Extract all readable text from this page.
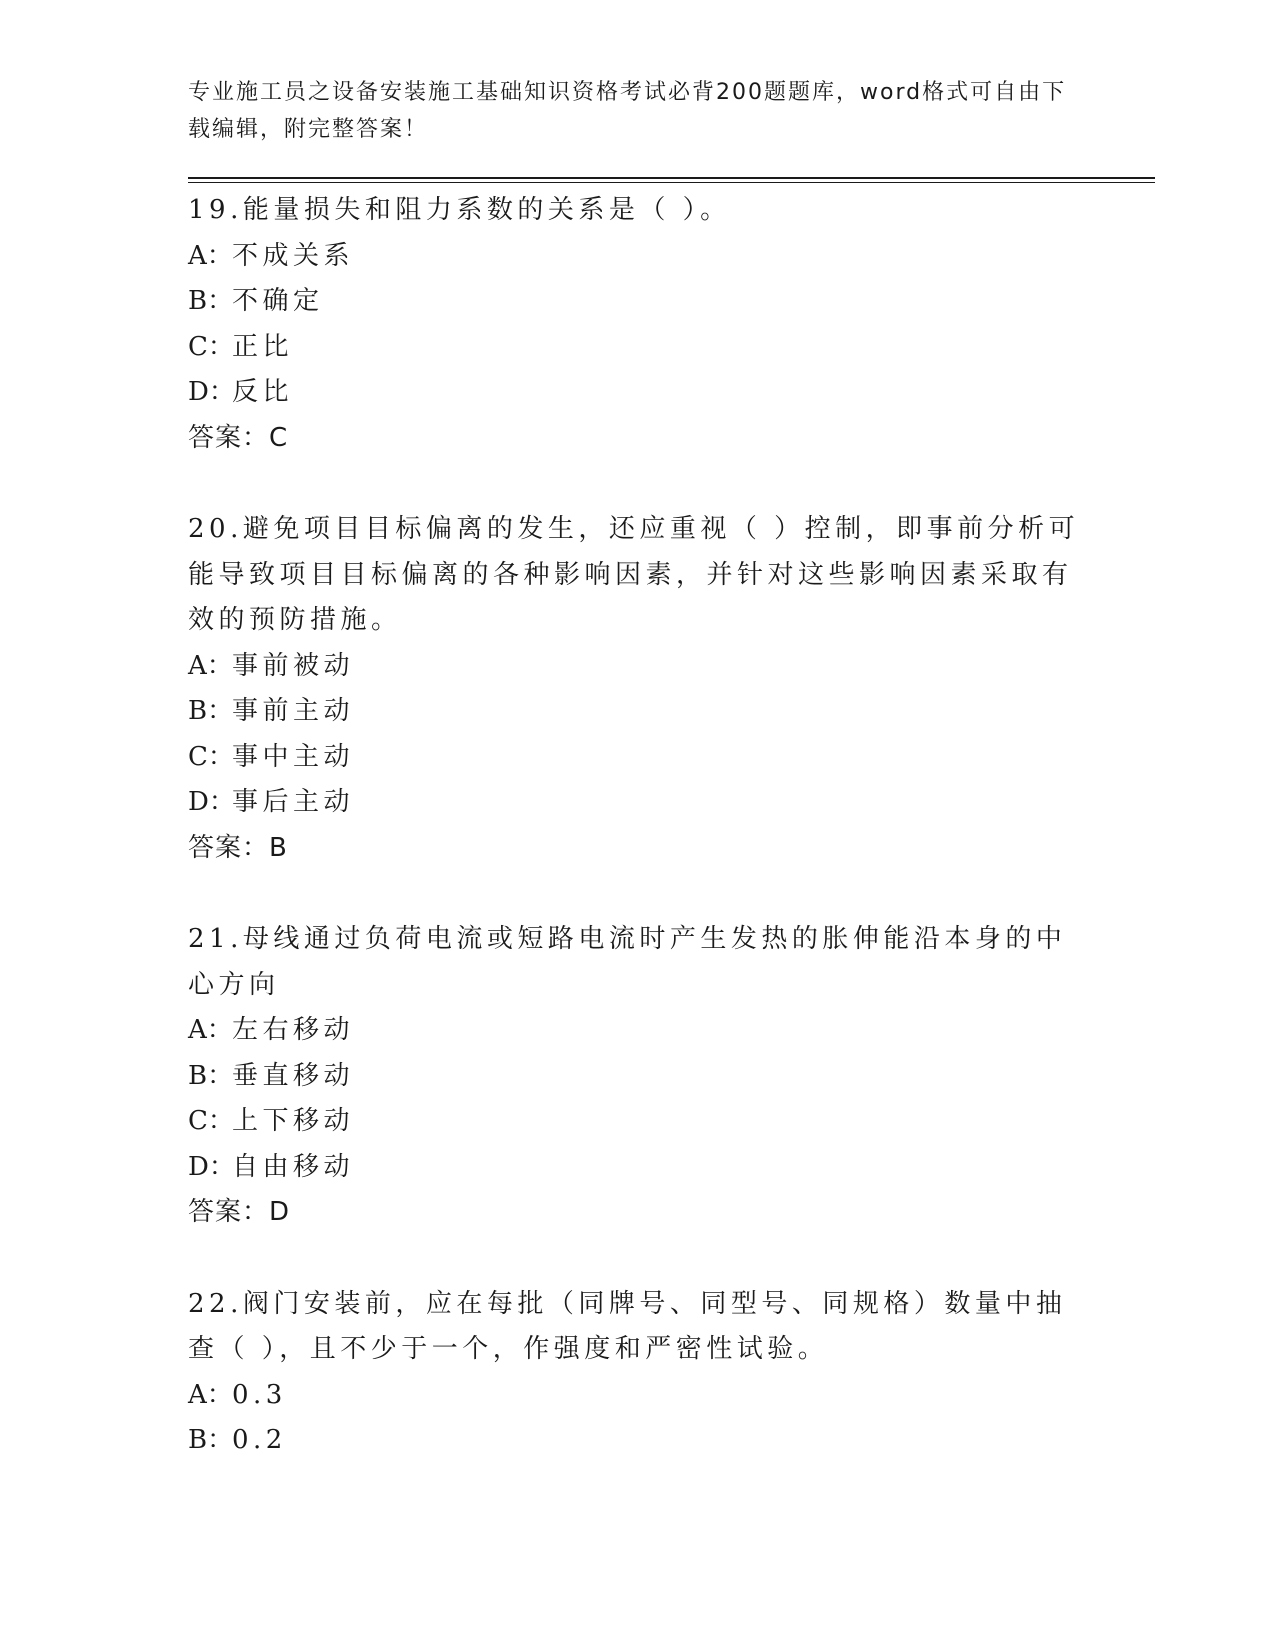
专业施工员之设备安装施工基础知识资格考试必背200题题库，word格式可自由下载编辑，附完整答案！
19.能量损失和阻力系数的关系是（ ）。
A：不成关系
B：不确定
C：正比
D：反比
答案：C
20.避免项目目标偏离的发生，还应重视（ ）控制，即事前分析可能导致项目目标偏离的各种影响因素，并针对这些影响因素采取有效的预防措施。
A：事前被动
B：事前主动
C：事中主动
D：事后主动
答案：B
21.母线通过负荷电流或短路电流时产生发热的胀伸能沿本身的中心方向
A：左右移动
B：垂直移动
C：上下移动
D：自由移动
答案：D
22.阀门安装前，应在每批（同牌号、同型号、同规格）数量中抽查（ ），且不少于一个，作强度和严密性试验。
A：0.3
B：0.2
